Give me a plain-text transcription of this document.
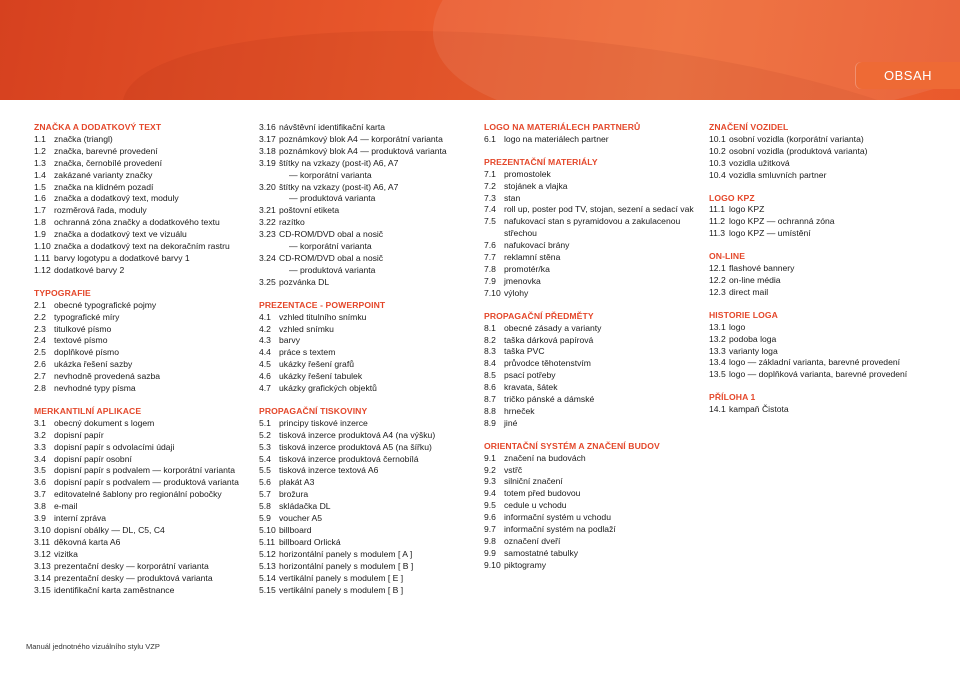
OBSAH
ZNAČKA A DODATKOVÝ TEXT
1.1 značka (triangl)
1.2 značka, barevné provedení
1.3 značka, černobílé provedení
1.4 zakázané varianty značky
1.5 značka na klidném pozadí
1.6 značka a dodatkový text, moduly
1.7 rozměrová řada, moduly
1.8 ochranná zóna značky a dodatkového textu
1.9 značka a dodatkový text ve vizuálu
1.10 značka a dodatkový text na dekoračním rastru
1.11 barvy logotypu a dodatkové barvy 1
1.12 dodatkové barvy 2
TYPOGRAFIE
2.1 obecné typografické pojmy
2.2 typografické míry
2.3 titulkové písmo
2.4 textové písmo
2.5 doplňkové písmo
2.6 ukázka řešení sazby
2.7 nevhodně provedená sazba
2.8 nevhodné typy písma
MERKANTILNÍ APLIKACE
3.1 obecný dokument s logem
3.2 dopisní papír
3.3 dopisní papír s odvolacími údaji
3.4 dopisní papír osobní
3.5 dopisní papír s podvalem — korporátní varianta
3.6 dopisní papír s podvalem — produktová varianta
3.7 editovatelné šablony pro regionální pobočky
3.8 e-mail
3.9 interní zpráva
3.10 dopisní obálky — DL, C5, C4
3.11 děkovná karta A6
3.12 vizitka
3.13 prezentační desky — korporátní varianta
3.14 prezentační desky — produktová varianta
3.15 identifikační karta zaměstnance
3.16 návštěvní identifikační karta
3.17 poznámkový blok A4 — korporátní varianta
3.18 poznámkový blok A4 — produktová varianta
3.19 štítky na vzkazy (post-it) A6, A7
— korporátní varianta
3.20 štítky na vzkazy (post-it) A6, A7
— produktová varianta
3.21 poštovní etiketa
3.22 razítko
3.23 CD-ROM/DVD obal a nosič
— korporátní varianta
3.24 CD-ROM/DVD obal a nosič
— produktová varianta
3.25 pozvánka DL
PREZENTACE - POWERPOINT
4.1 vzhled titulního snímku
4.2 vzhled snímku
4.3 barvy
4.4 práce s textem
4.5 ukázky řešení grafů
4.6 ukázky řešení tabulek
4.7 ukázky grafických objektů
PROPAGAČNÍ TISKOVINY
5.1 principy tiskové inzerce
5.2 tisková inzerce produktová A4 (na výšku)
5.3 tisková inzerce produktová A5 (na šířku)
5.4 tisková inzerce produktová černobílá
5.5 tisková inzerce textová A6
5.6 plakát A3
5.7 brožura
5.8 skládačka DL
5.9 voucher A5
5.10 billboard
5.11 billboard Orlická
5.12 horizontální panely s modulem [ A ]
5.13 horizontální panely s modulem [ B ]
5.14 vertikální panely s modulem [ E ]
5.15 vertikální panely s modulem [ B ]
LOGO NA MATERIÁLECH PARTNERŮ
6.1 logo na materiálech partner
PREZENTAČNÍ MATERIÁLY
7.1 promostolek
7.2 stojánek a vlajka
7.3 stan
7.4 roll up, poster pod TV, stojan, sezení a sedací vak
7.5 nafukovací stan s pyramidovou a zakulacenou
střechou
7.6 nafukovací brány
7.7 reklamní stěna
7.8 promotér/ka
7.9 jmenovka
7.10 výlohy
PROPAGAČNÍ PŘEDMĚTY
8.1 obecné zásady a varianty
8.2 taška dárková papírová
8.3 taška PVC
8.4 průvodce těhotenstvím
8.5 psací potřeby
8.6 kravata, šátek
8.7 tričko pánské a dámské
8.8 hrneček
8.9 jiné
ORIENTAČNÍ SYSTÉM A ZNAČENÍ BUDOV
9.1 značení na budovách
9.2 vstřč
9.3 silniční značení
9.4 totem před budovou
9.5 cedule u vchodu
9.6 informační systém u vchodu
9.7 informační systém na podlaží
9.8 označení dveří
9.9 samostatné tabulky
9.10 piktogramy
ZNAČENÍ VOZIDEL
10.1 osobní vozidla (korporátní varianta)
10.2 osobní vozidla (produktová varianta)
10.3 vozidla užitková
10.4 vozidla smluvních partner
LOGO KPZ
11.1 logo KPZ
11.2 logo KPZ — ochranná zóna
11.3 logo KPZ — umístění
ON-LINE
12.1 flashové bannery
12.2 on-line média
12.3 direct mail
HISTORIE LOGA
13.1 logo
13.2 podoba loga
13.3 varianty loga
13.4 logo — základní varianta, barevné provedení
13.5 logo — doplňková varianta, barevné provedení
PŘÍLOHA 1
14.1 kampaň Čistota
Manuál jednotného vizuálního stylu VZP
